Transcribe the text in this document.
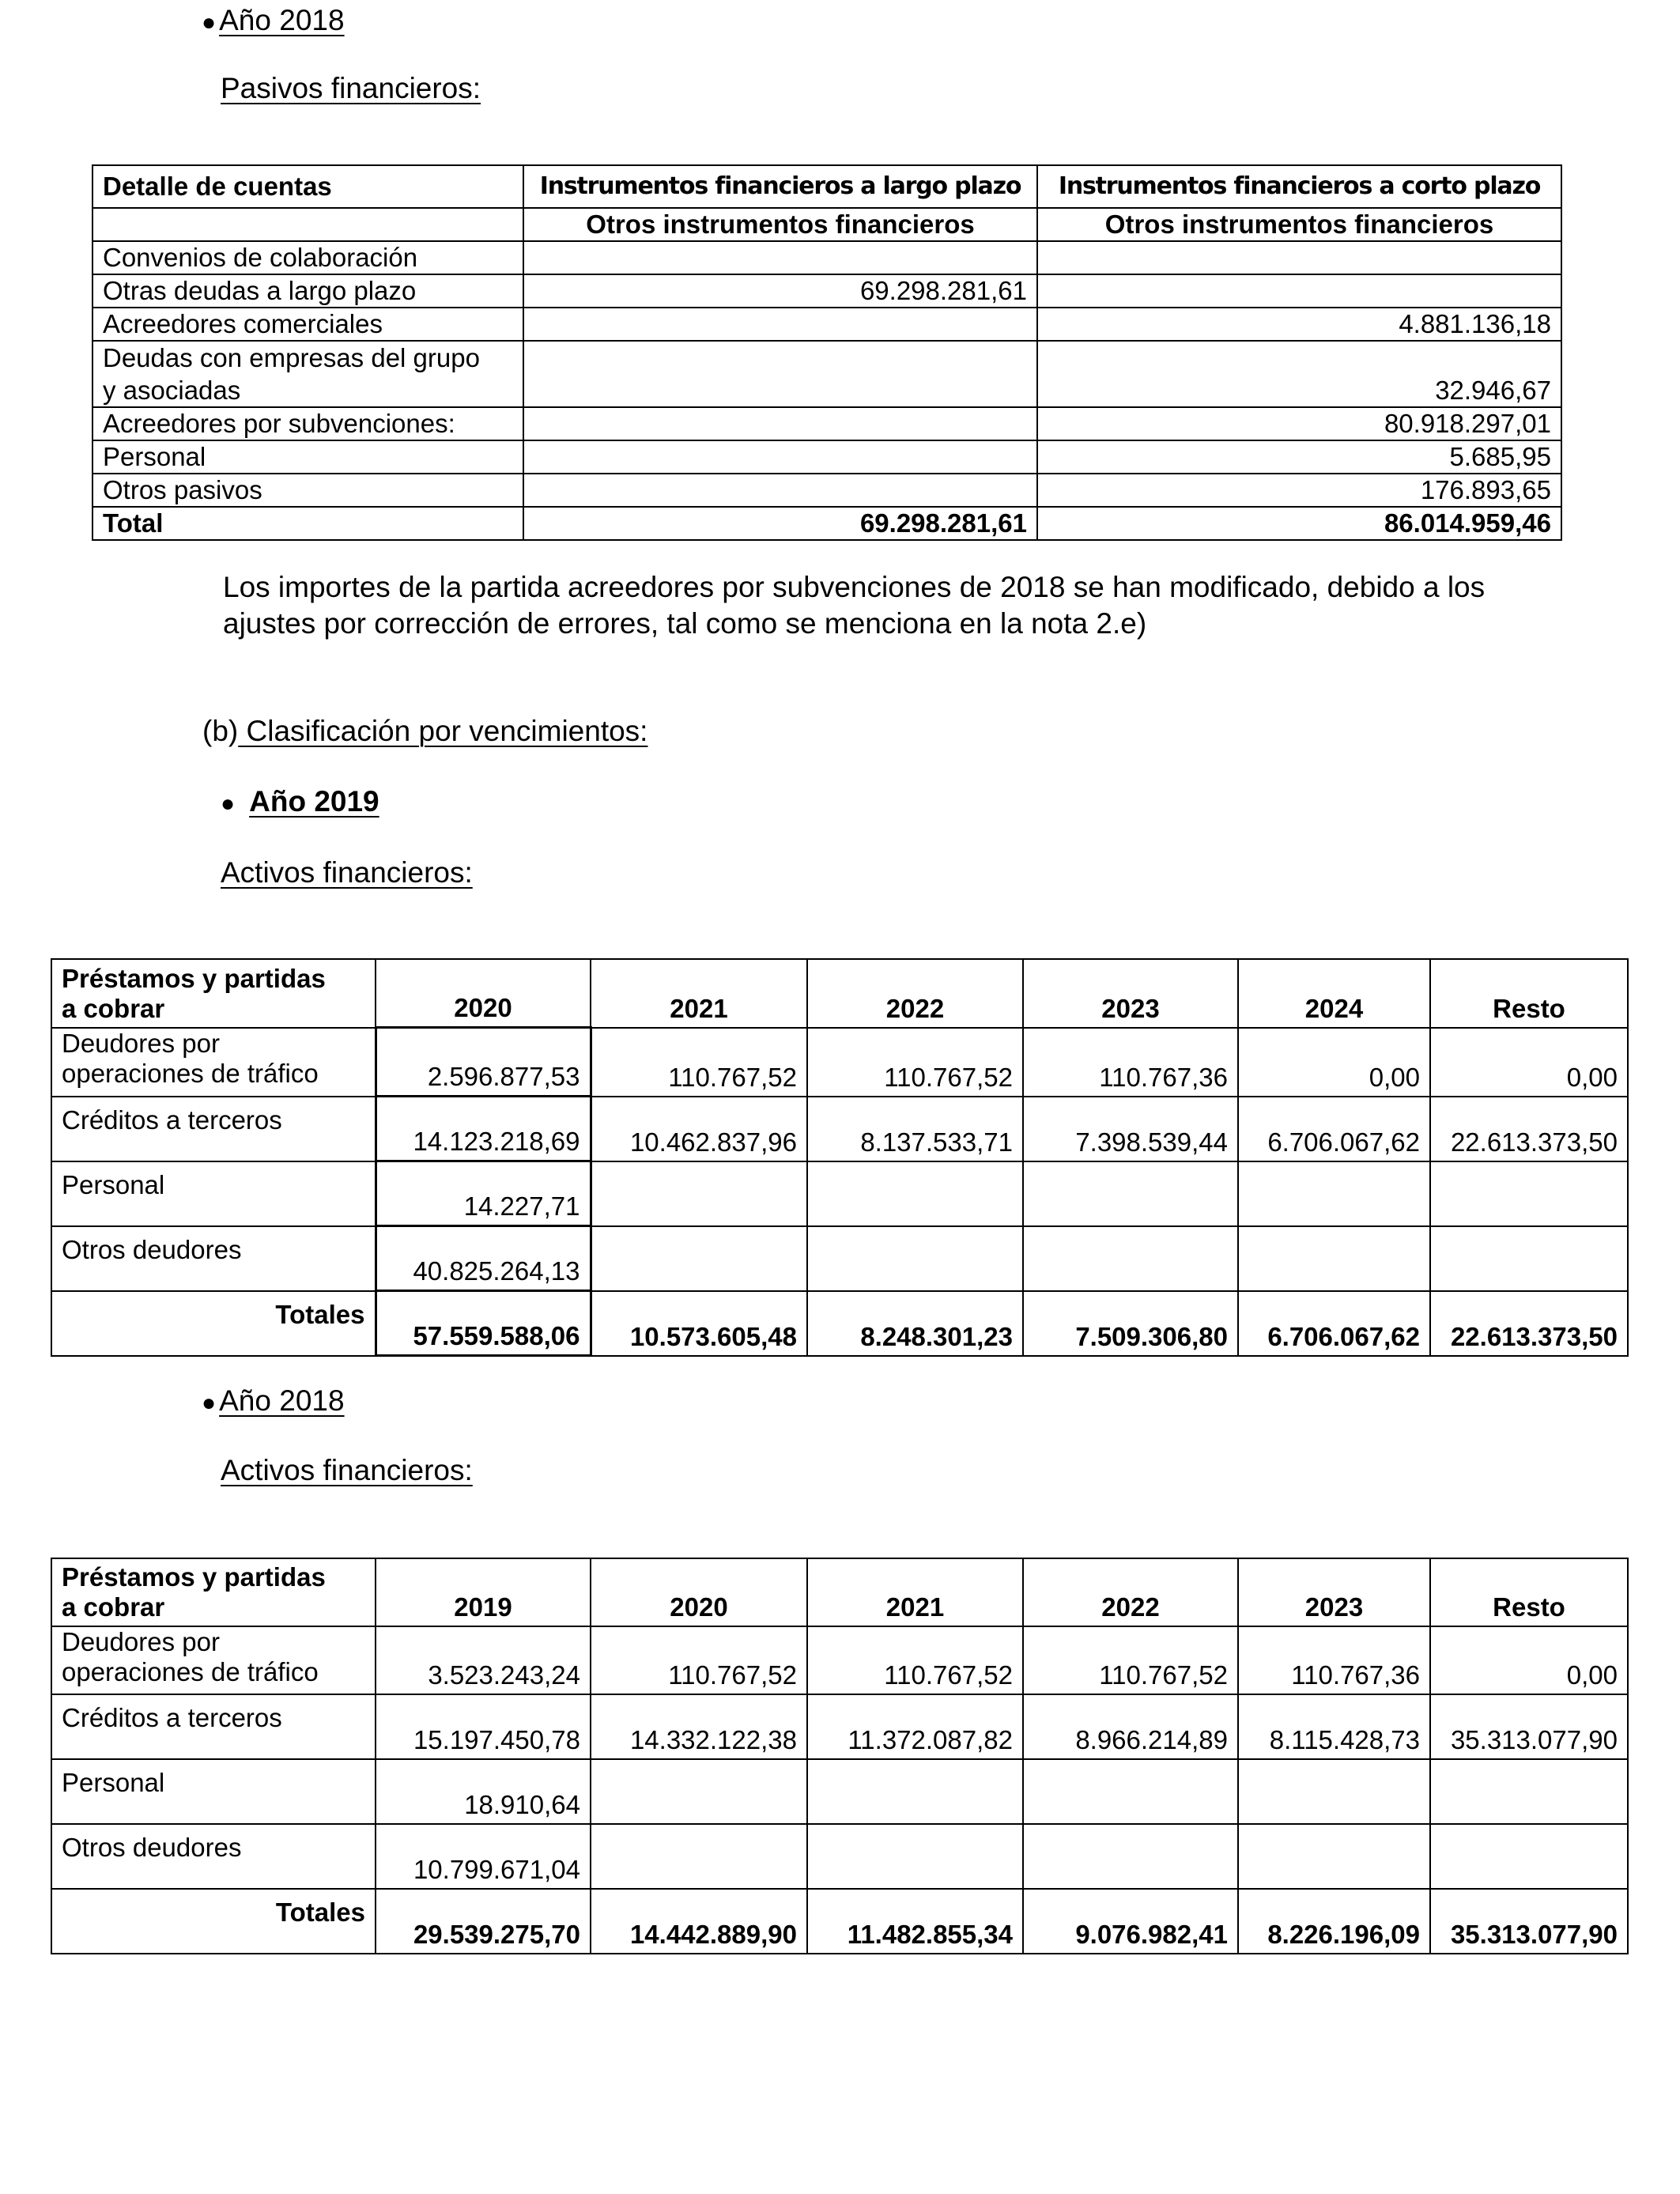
● Año 2018
Pasivos financieros:
Detalle de cuentas	Instrumentos financieros a largo plazo	Instrumentos financieros a corto plazo
	Otros instrumentos financieros	Otros instrumentos financieros
Convenios de colaboración		
Otras deudas a largo plazo	69.298.281,61	
Acreedores comerciales		4.881.136,18

Deudas con empresas del grupo
y asociadas		32.946,67
Acreedores por subvenciones:		80.918.297,01
Personal		5.685,95
Otros pasivos		176.893,65
Total	69.298.281,61	86.014.959,46
Los importes de la partida acreedores por subvenciones de 2018 se han modificado, debido a los ajustes por corrección de errores, tal como se menciona en la nota 2.e)
(b) Clasificación por vencimientos:
● Año 2019
Activos financieros:
Préstamos y partidas
a cobrar	2020	2021	2022	2023	2024	Resto

Deudores por
operaciones de tráfico	2.596.877,53	110.767,52	110.767,52	110.767,36	0,00	0,00
Créditos a terceros	14.123.218,69	10.462.837,96	8.137.533,71	7.398.539,44	6.706.067,62	22.613.373,50
Personal	14.227,71					
Otros deudores	40.825.264,13					
Totales	57.559.588,06	10.573.605,48	8.248.301,23	7.509.306,80	6.706.067,62	22.613.373,50
● Año 2018
Activos financieros:
Préstamos y partidas
a cobrar	2019	2020	2021	2022	2023	Resto

Deudores por
operaciones de tráfico	3.523.243,24	110.767,52	110.767,52	110.767,52	110.767,36	0,00
Créditos a terceros	15.197.450,78	14.332.122,38	11.372.087,82	8.966.214,89	8.115.428,73	35.313.077,90
Personal	18.910,64					
Otros deudores	10.799.671,04					
Totales	29.539.275,70	14.442.889,90	11.482.855,34	9.076.982,41	8.226.196,09	35.313.077,90
